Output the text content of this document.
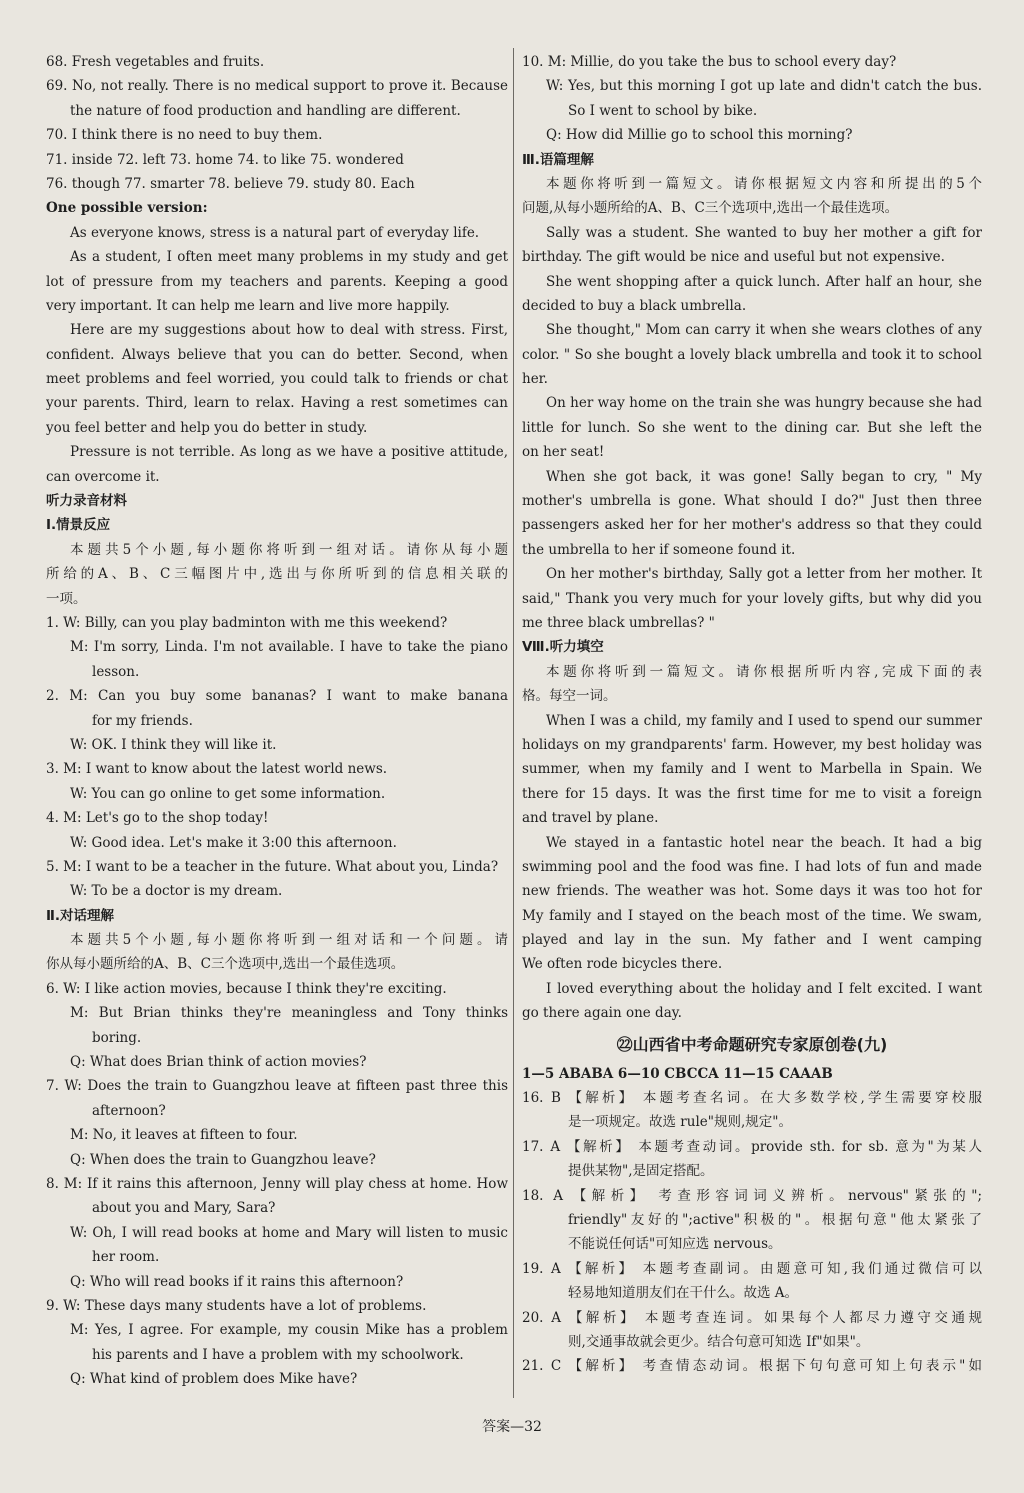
68. Fresh vegetables and fruits.
69. No, not really. There is no medical support to prove it. Because
the nature of food production and handling are different.
70. I think there is no need to buy them.
71. inside 72. left 73. home 74. to like 75. wondered
76. though 77. smarter 78. believe 79. study 80. Each
One possible version:
As everyone knows, stress is a natural part of everyday life.
As a student, I often meet many problems in my study and get
lot of pressure from my teachers and parents. Keeping a good
very important. It can help me learn and live more happily.
Here are my suggestions about how to deal with stress. First,
confident. Always believe that you can do better. Second, when
meet problems and feel worried, you could talk to friends or chat
your parents. Third, learn to relax. Having a rest sometimes can
you feel better and help you do better in study.
Pressure is not terrible. As long as we have a positive attitude,
can overcome it.
听力录音材料
Ⅰ.情景反应
本题共5个小题,每小题你将听到一组对话。请你从每小题
所给的A、B、C三幅图片中,选出与你所听到的信息相关联的
一项。
1. W: Billy, can you play badminton with me this weekend?
M: I'm sorry, Linda. I'm not available. I have to take the piano
lesson.
2. M: Can you buy some bananas? I want to make banana
for my friends.
W: OK. I think they will like it.
3. M: I want to know about the latest world news.
W: You can go online to get some information.
4. M: Let's go to the shop today!
W: Good idea. Let's make it 3:00 this afternoon.
5. M: I want to be a teacher in the future. What about you, Linda?
W: To be a doctor is my dream.
Ⅱ.对话理解
本题共5个小题,每小题你将听到一组对话和一个问题。请
你从每小题所给的A、B、C三个选项中,选出一个最佳选项。
6. W: I like action movies, because I think they're exciting.
M: But Brian thinks they're meaningless and Tony thinks
boring.
Q: What does Brian think of action movies?
7. W: Does the train to Guangzhou leave at fifteen past three this
afternoon?
M: No, it leaves at fifteen to four.
Q: When does the train to Guangzhou leave?
8. M: If it rains this afternoon, Jenny will play chess at home. How
about you and Mary, Sara?
W: Oh, I will read books at home and Mary will listen to music
her room.
Q: Who will read books if it rains this afternoon?
9. W: These days many students have a lot of problems.
M: Yes, I agree. For example, my cousin Mike has a problem
his parents and I have a problem with my schoolwork.
Q: What kind of problem does Mike have?
10. M: Millie, do you take the bus to school every day?
W: Yes, but this morning I got up late and didn't catch the bus.
So I went to school by bike.
Q: How did Millie go to school this morning?
Ⅲ.语篇理解
本题你将听到一篇短文。请你根据短文内容和所提出的5个
问题,从每小题所给的A、B、C三个选项中,选出一个最佳选项。
Sally was a student. She wanted to buy her mother a gift for
birthday. The gift would be nice and useful but not expensive.
She went shopping after a quick lunch. After half an hour, she
decided to buy a black umbrella.
She thought," Mom can carry it when she wears clothes of any
color. " So she bought a lovely black umbrella and took it to school
her.
On her way home on the train she was hungry because she had
little for lunch. So she went to the dining car. But she left the
on her seat!
When she got back, it was gone! Sally began to cry, " My
mother's umbrella is gone. What should I do?" Just then three
passengers asked her for her mother's address so that they could
the umbrella to her if someone found it.
On her mother's birthday, Sally got a letter from her mother. It
said," Thank you very much for your lovely gifts, but why did you
me three black umbrellas? "
Ⅷ.听力填空
本题你将听到一篇短文。请你根据所听内容,完成下面的表
格。每空一词。
When I was a child, my family and I used to spend our summer
holidays on my grandparents' farm. However, my best holiday was
summer, when my family and I went to Marbella in Spain. We
there for 15 days. It was the first time for me to visit a foreign
and travel by plane.
We stayed in a fantastic hotel near the beach. It had a big
swimming pool and the food was fine. I had lots of fun and made
new friends. The weather was hot. Some days it was too hot for
My family and I stayed on the beach most of the time. We swam,
played and lay in the sun. My father and I went camping
We often rode bicycles there.
I loved everything about the holiday and I felt excited. I want
go there again one day.
㉒山西省中考命题研究专家原创卷(九)
1—5 ABABA 6—10 CBCCA 11—15 CAAAB
16. B 【解析】 本题考查名词。在大多数学校,学生需要穿校服
是一项规定。故选 rule"规则,规定"。
17. A 【解析】 本题考查动词。provide sth. for sb. 意为"为某人
提供某物",是固定搭配。
18. A 【解析】 考查形容词词义辨析。nervous"紧张的";
friendly"友好的";active"积极的"。根据句意"他太紧张了
不能说任何话"可知应选 nervous。
19. A 【解析】 本题考查副词。由题意可知,我们通过微信可以
轻易地知道朋友们在干什么。故选 A。
20. A 【解析】 本题考查连词。如果每个人都尽力遵守交通规
则,交通事故就会更少。结合句意可知选 If"如果"。
21. C 【解析】 考查情态动词。根据下句句意可知上句表示"如
答案—32
